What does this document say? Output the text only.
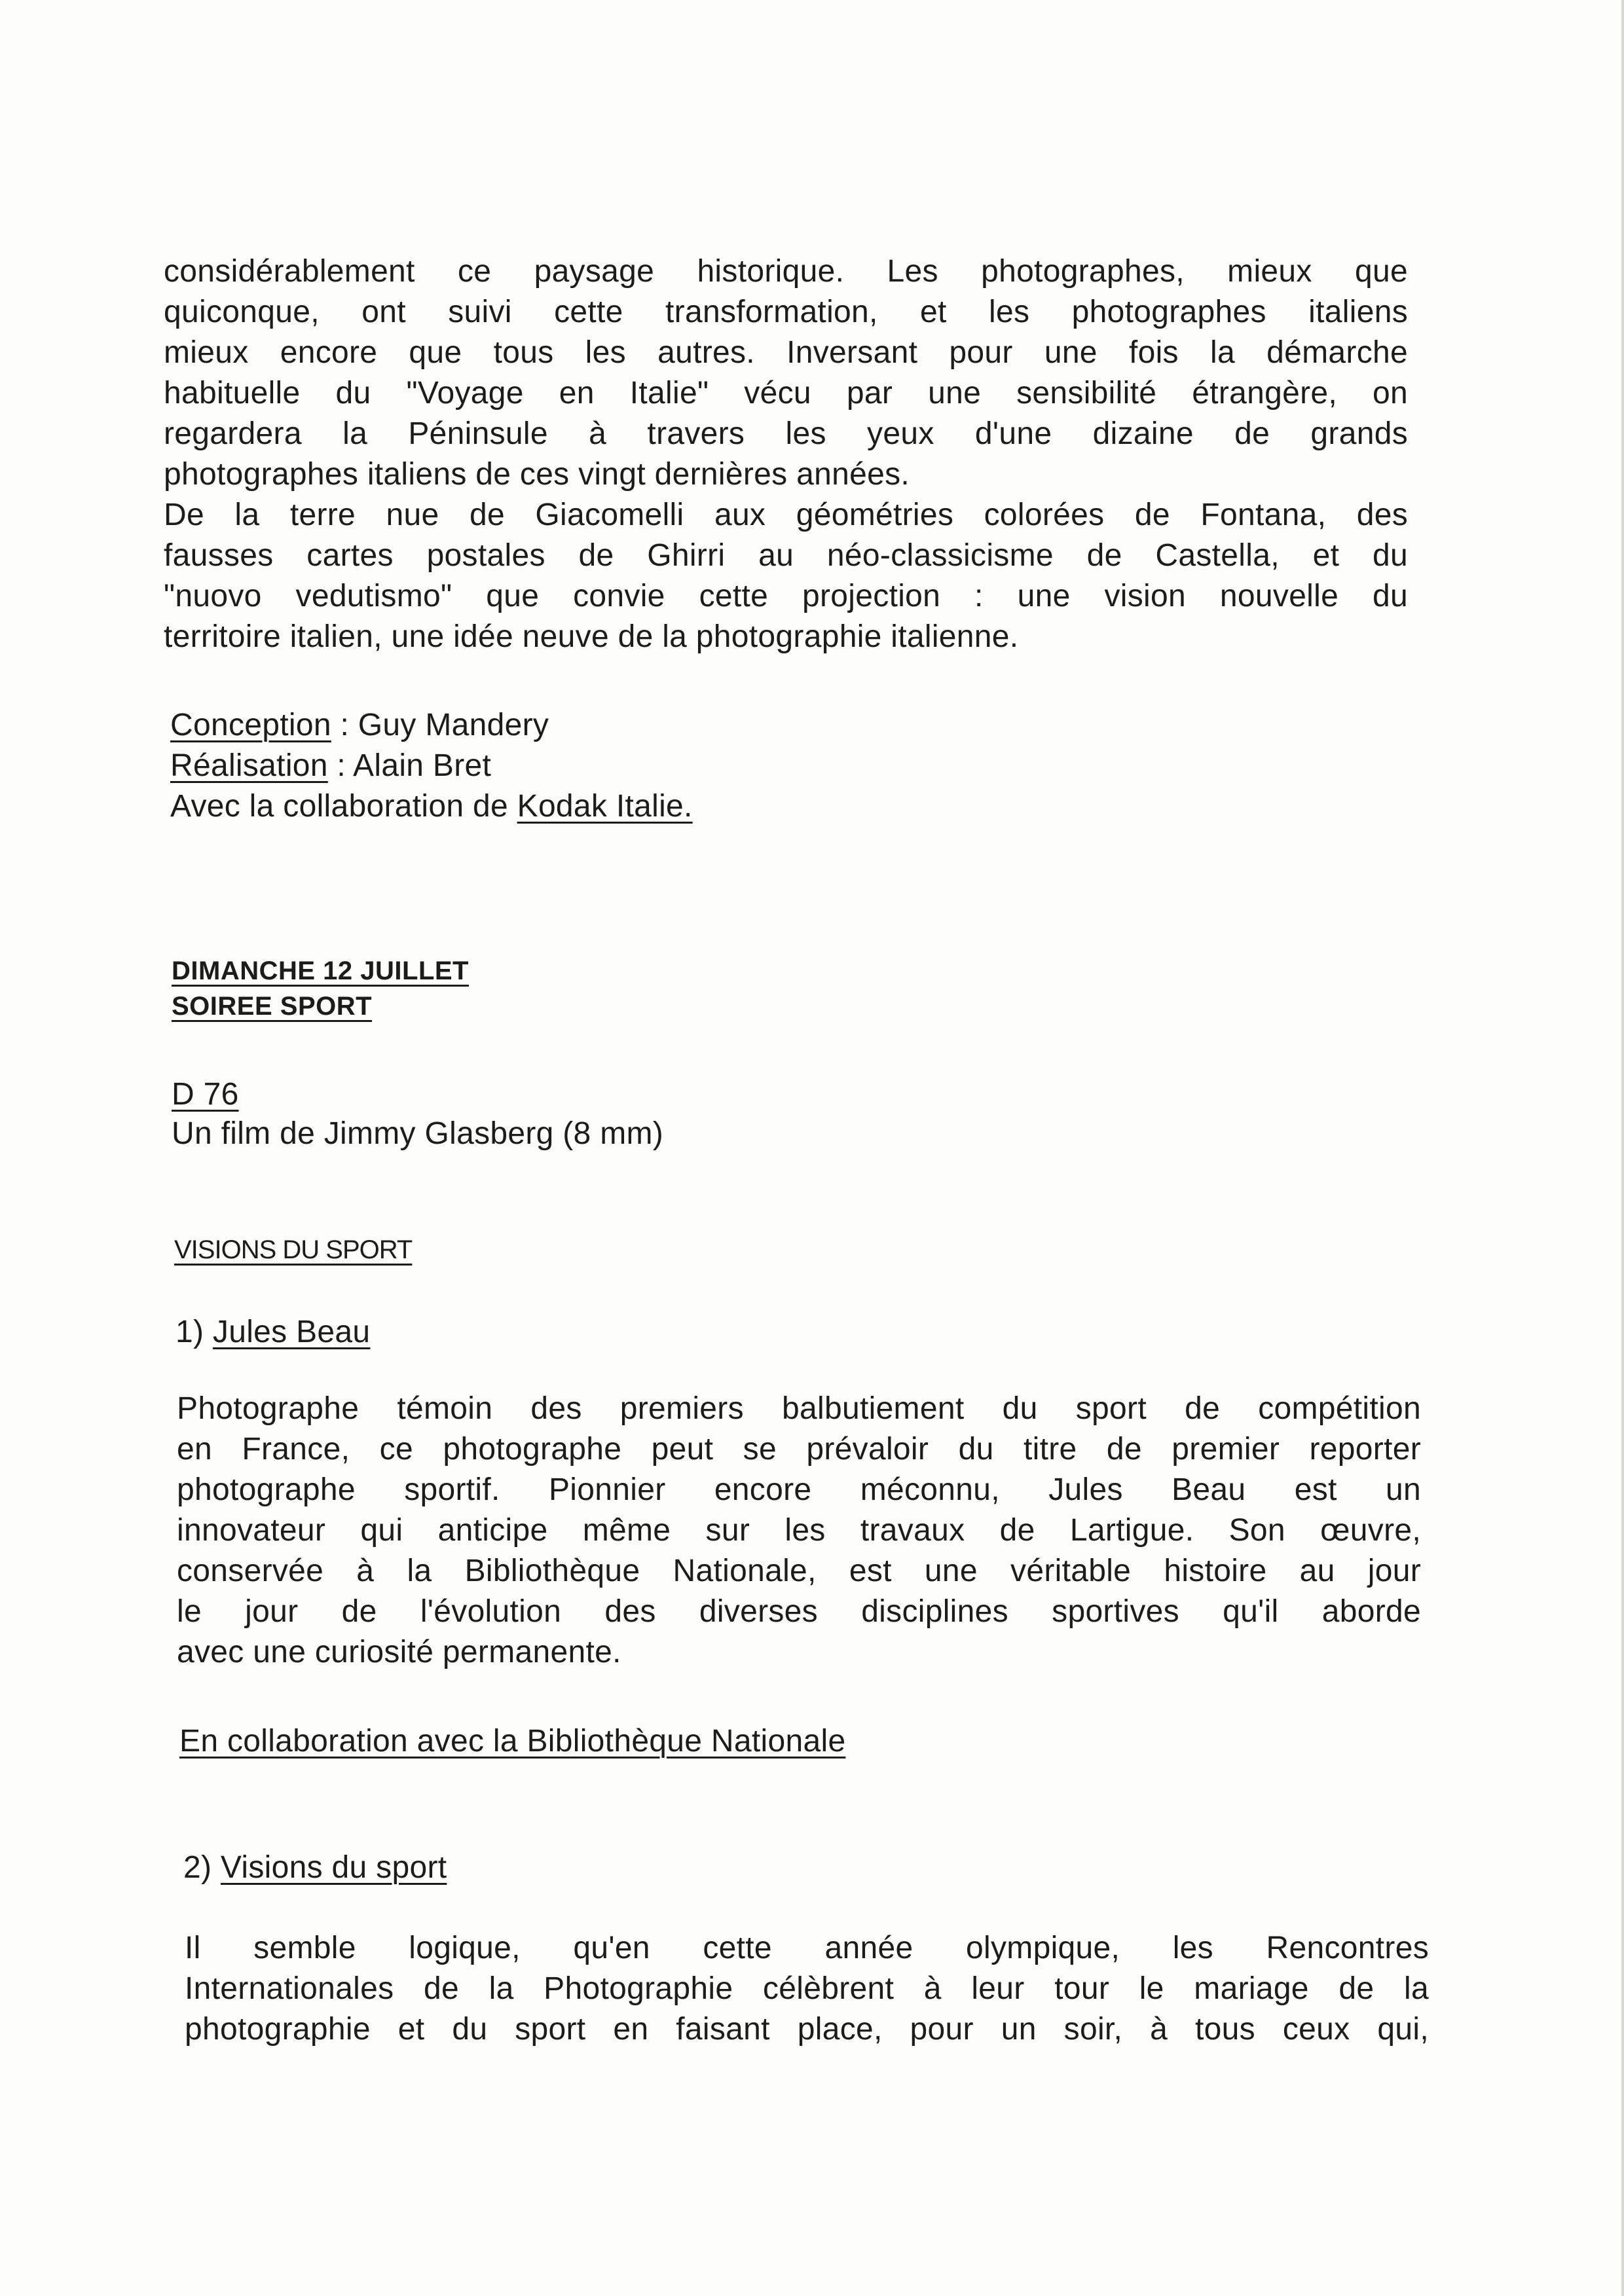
considérablement ce paysage historique. Les photographes, mieux que
quiconque, ont suivi cette transformation, et les photographes italiens
mieux encore que tous les autres. Inversant pour une fois la démarche
habituelle du "Voyage en Italie" vécu par une sensibilité étrangère, on
regardera la Péninsule à travers les yeux d'une dizaine de grands
photographes italiens de ces vingt dernières années.
De la terre nue de Giacomelli aux géométries colorées de Fontana, des
fausses cartes postales de Ghirri au néo-classicisme de Castella, et du
"nuovo vedutismo" que convie cette projection : une vision nouvelle du
territoire italien, une idée neuve de la photographie italienne.
Conception : Guy Mandery
Réalisation : Alain Bret
Avec la collaboration de Kodak Italie.
DIMANCHE 12 JUILLET
SOIREE SPORT
D 76
Un film de Jimmy Glasberg (8 mm)
VISIONS DU SPORT
1) Jules Beau
Photographe témoin des premiers balbutiement du sport de compétition
en France, ce photographe peut se prévaloir du titre de premier reporter
photographe sportif. Pionnier encore méconnu, Jules Beau est un
innovateur qui anticipe même sur les travaux de Lartigue. Son œuvre,
conservée à la Bibliothèque Nationale, est une véritable histoire au jour
le jour de l'évolution des diverses disciplines sportives qu'il aborde
avec une curiosité permanente.
En collaboration avec la Bibliothèque Nationale
2) Visions du sport
Il semble logique, qu'en cette année olympique, les Rencontres
Internationales de la Photographie célèbrent à leur tour le mariage de la
photographie et du sport en faisant place, pour un soir, à tous ceux qui,
